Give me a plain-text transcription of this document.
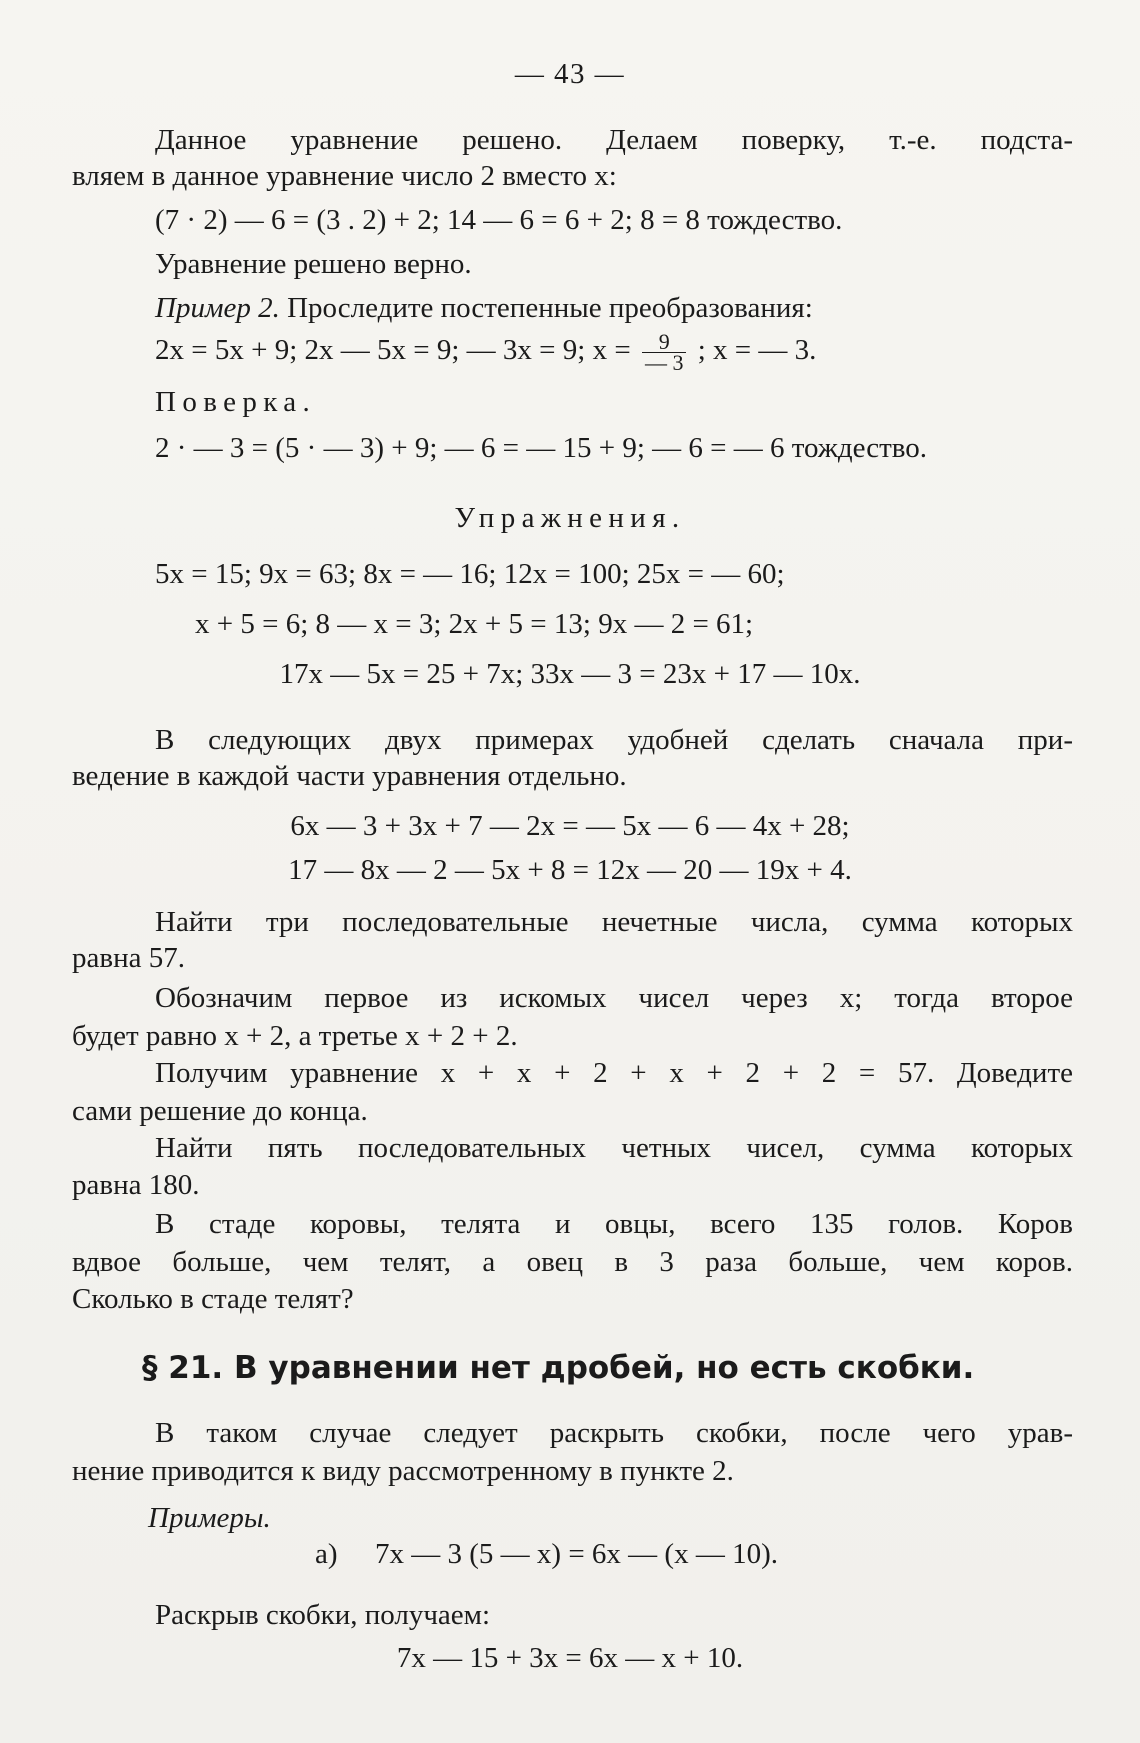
— 43 —
Данное уравнение решено. Делаем поверку, т.-е. подста-
вляем в данное уравнение число 2 вместо x:
(7 · 2) — 6 = (3 . 2) + 2; 14 — 6 = 6 + 2; 8 = 8 тождество.
Уравнение решено верно.
Пример 2. Проследите постепенные преобразования:
2x = 5x + 9; 2x — 5x = 9; — 3x = 9; $x = \frac{9}{— 3}$ ; x = — 3.
Поверка.
2 · — 3 = (5 · — 3) + 9; — 6 = — 15 + 9; — 6 = — 6 тождество.
Упражнения.
5x = 15; 9x = 63; 8x = — 16; 12x = 100; 25x = — 60;
x + 5 = 6; 8 — x = 3; 2x + 5 = 13; 9x — 2 = 61;
17x — 5x = 25 + 7x; 33x — 3 = 23x + 17 — 10x.
В следующих двух примерах удобней сделать сначала при-
ведение в каждой части уравнения отдельно.
6x — 3 + 3x + 7 — 2x = — 5x — 6 — 4x + 28;
17 — 8x — 2 — 5x + 8 = 12x — 20 — 19x + 4.
Найти три последовательные нечетные числа, сумма которых
равна 57.
Обозначим первое из искомых чисел через x; тогда второе
будет равно x + 2, а третье x + 2 + 2.
Получим уравнение x + x + 2 + x + 2 + 2 = 57. Доведите
сами решение до конца.
Найти пять последовательных четных чисел, сумма которых
равна 180.
В стаде коровы, телята и овцы, всего 135 голов. Коров
вдвое больше, чем телят, а овец в 3 раза больше, чем коров.
Сколько в стаде телят?
§ 21. В уравнении нет дробей, но есть скобки.
В таком случае следует раскрыть скобки, после чего урав-
нение приводится к виду рассмотренному в пункте 2.
Примеры.
а) 7x — 3 (5 — x) = 6x — (x — 10).
Раскрыв скобки, получаем:
7x — 15 + 3x = 6x — x + 10.
